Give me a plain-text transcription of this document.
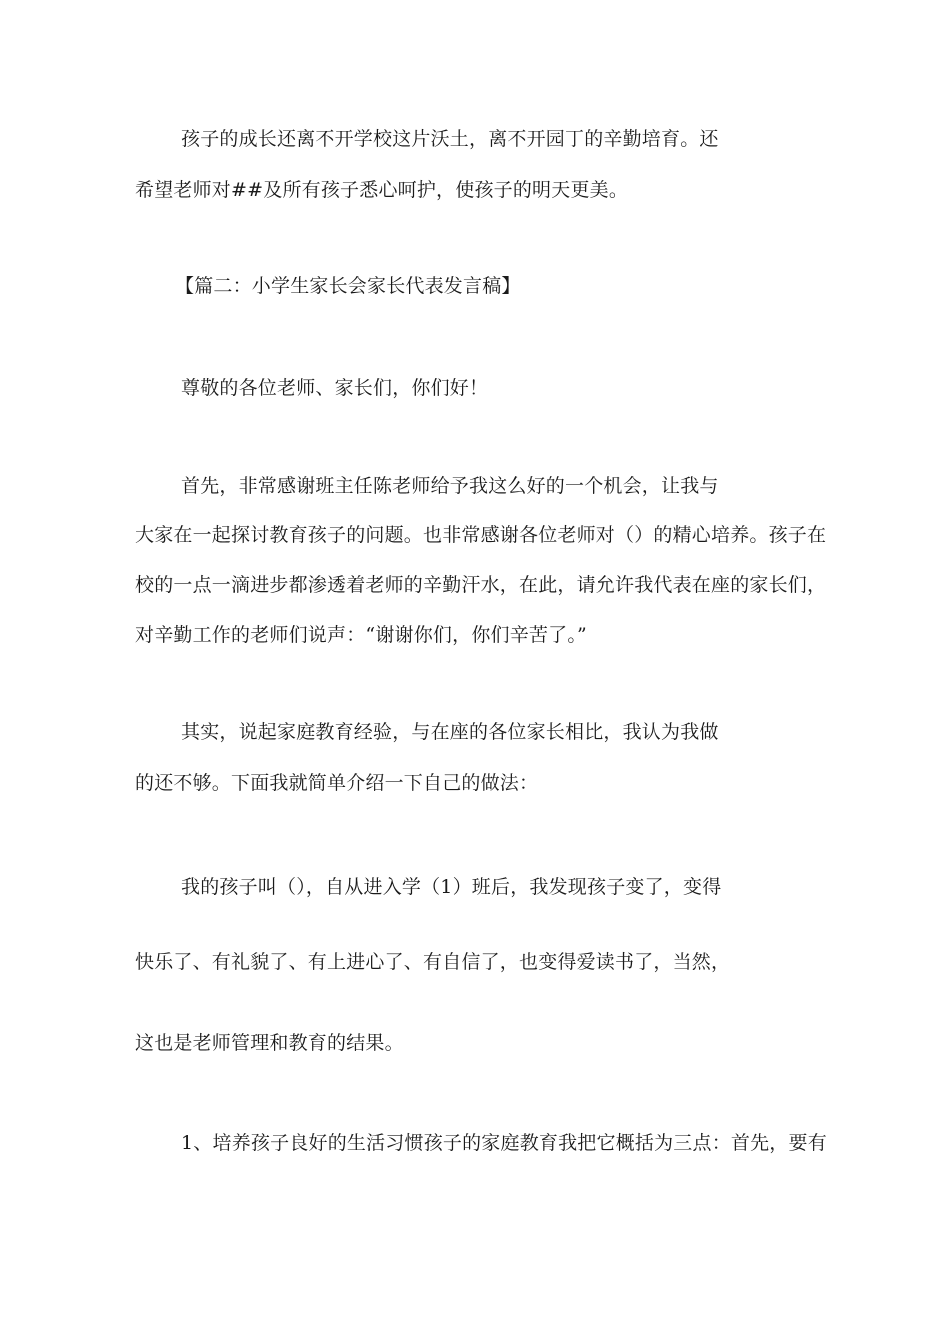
孩子的成长还离不开学校这片沃土，离不开园丁的辛勤培育。还
希望老师对##及所有孩子悉心呵护，使孩子的明天更美。
【篇二：小学生家长会家长代表发言稿】
尊敬的各位老师、家长们，你们好！
首先，非常感谢班主任陈老师给予我这么好的一个机会，让我与
大家在一起探讨教育孩子的问题。也非常感谢各位老师对（）的精心培养。孩子在
校的一点一滴进步都渗透着老师的辛勤汗水，在此，请允许我代表在座的家长们，
对辛勤工作的老师们说声：“谢谢你们，你们辛苦了。”
其实，说起家庭教育经验，与在座的各位家长相比，我认为我做
的还不够。下面我就简单介绍一下自己的做法：
我的孩子叫（），自从进入学（1）班后，我发现孩子变了，变得
快乐了、有礼貌了、有上进心了、有自信了，也变得爱读书了，当然，
这也是老师管理和教育的结果。
1、培养孩子良好的生活习惯孩子的家庭教育我把它概括为三点：首先，要有
